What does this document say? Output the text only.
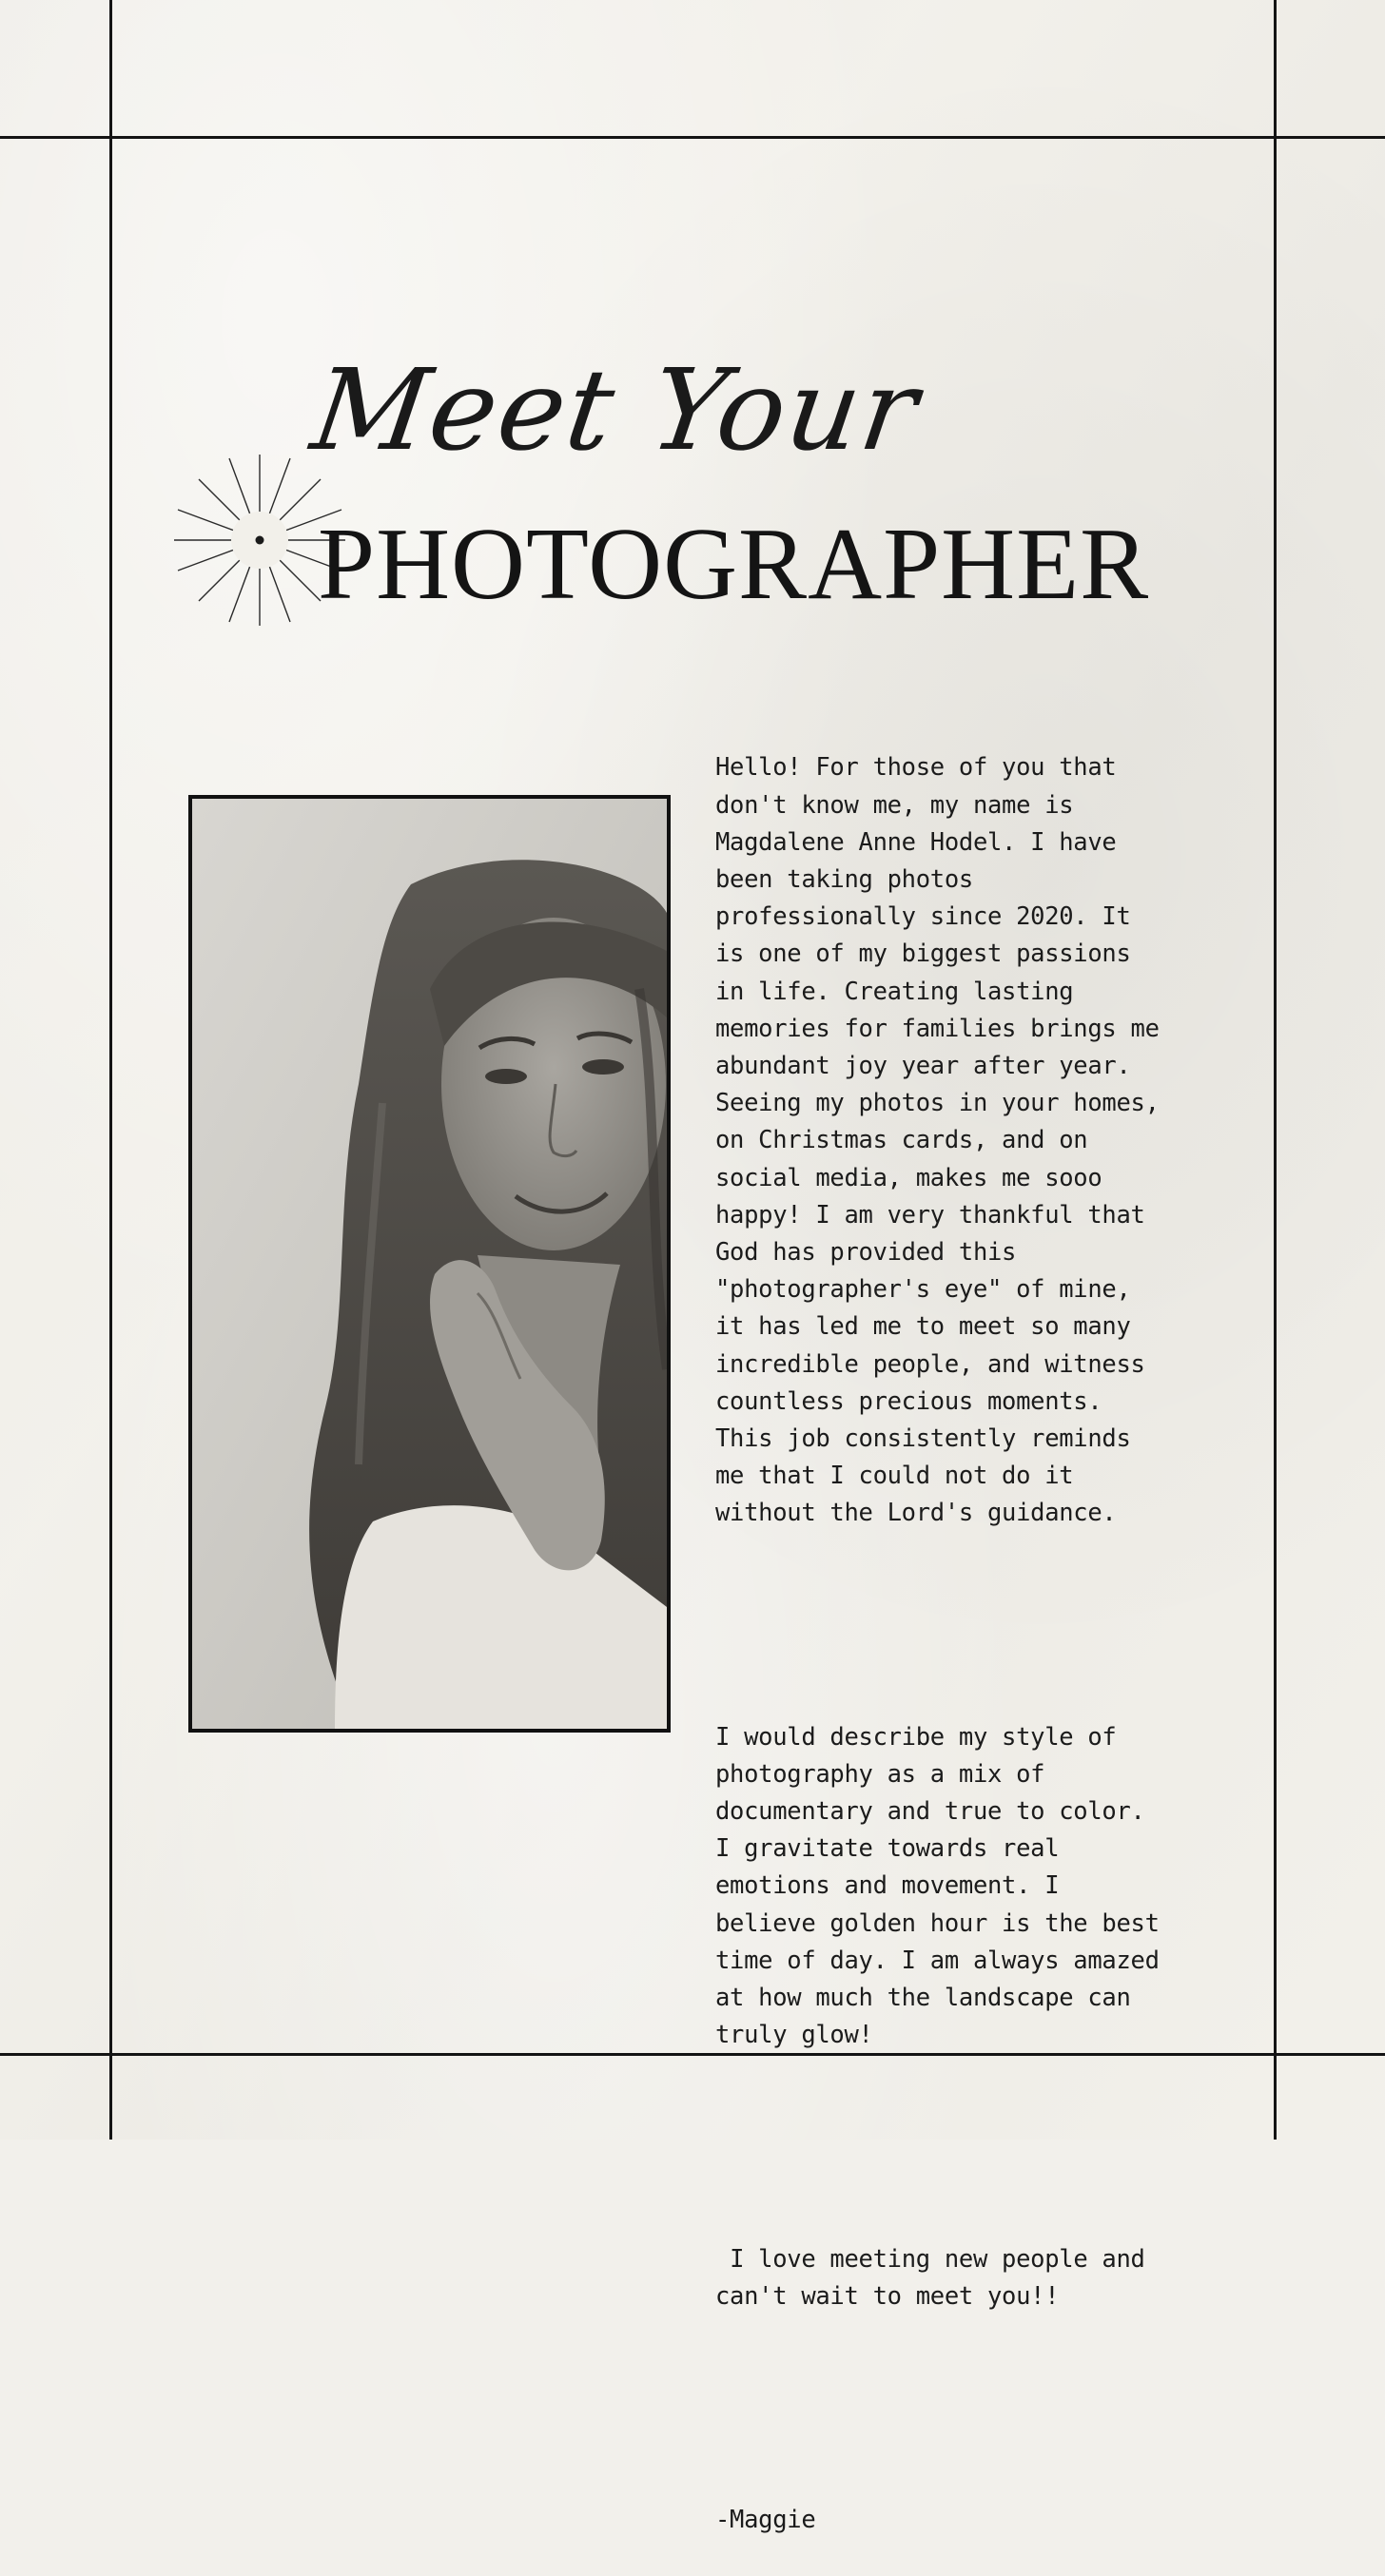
Meet Your
PHOTOGRAPHER

Hello! For those of you that
don't know me, my name is
Magdalene Anne Hodel. I have
been taking photos
professionally since 2020. It
is one of my biggest passions
in life. Creating lasting
memories for families brings me
abundant joy year after year.
Seeing my photos in your homes,
on Christmas cards, and on
social media, makes me sooo
happy! I am very thankful that
God has provided this
"photographer's eye" of mine,
it has led me to meet so many
incredible people, and witness
countless precious moments.
This job consistently reminds
me that I could not do it
without the Lord's guidance.

I would describe my style of
photography as a mix of
documentary and true to color.
I gravitate towards real
emotions and movement. I
believe golden hour is the best
time of day. I am always amazed
at how much the landscape can
truly glow!

I love meeting new people and
can't wait to meet you!!

-Maggie
